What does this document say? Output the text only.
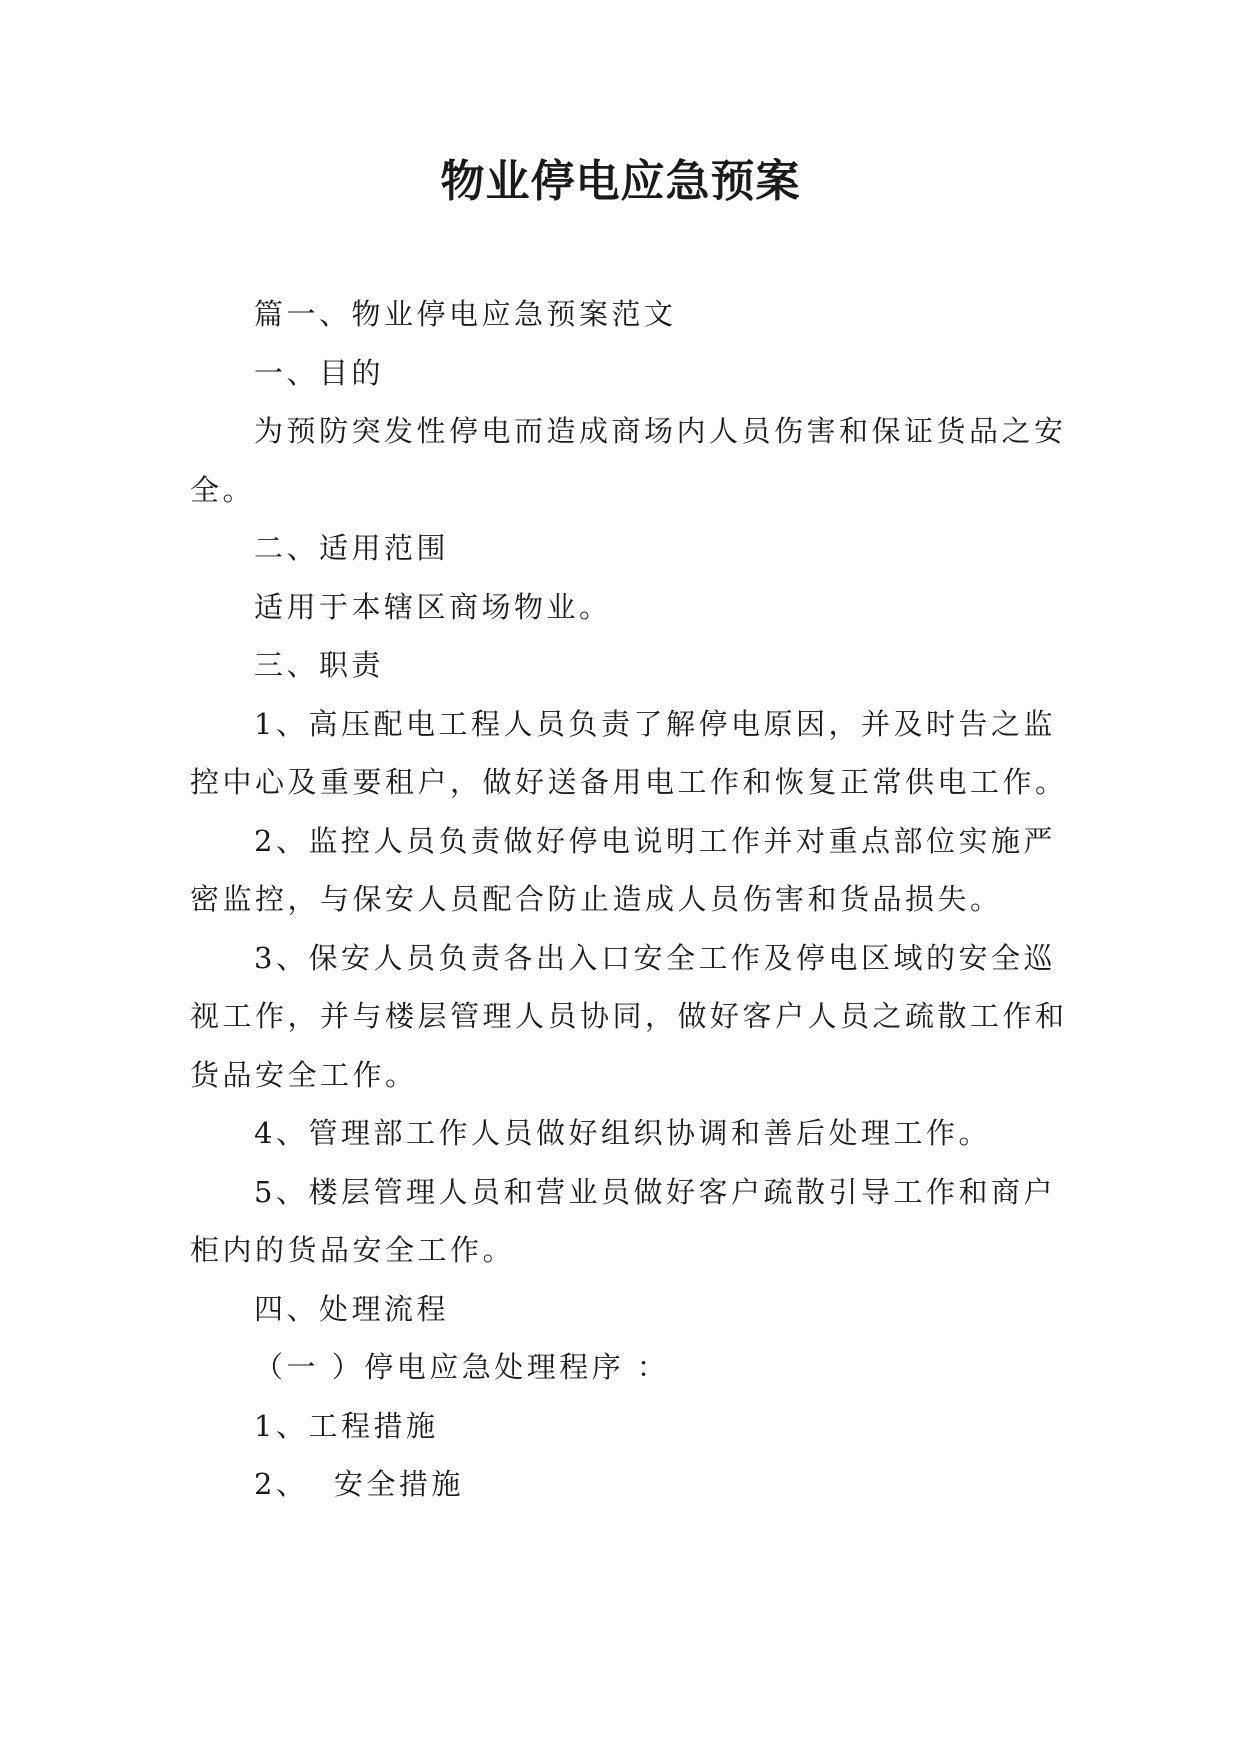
物业停电应急预案

篇一、物业停电应急预案范文

一、目的

为预防突发性停电而造成商场内人员伤害和保证货品之安全。

二、适用范围

适用于本辖区商场物业。

三、职责

1、高压配电工程人员负责了解停电原因，并及时告之监控中心及重要租户，做好送备用电工作和恢复正常供电工作。

2、监控人员负责做好停电说明工作并对重点部位实施严密监控，与保安人员配合防止造成人员伤害和货品损失。

3、保安人员负责各出入口安全工作及停电区域的安全巡视工作，并与楼层管理人员协同，做好客户人员之疏散工作和货品安全工作。

4、管理部工作人员做好组织协调和善后处理工作。

5、楼层管理人员和营业员做好客户疏散引导工作和商户柜内的货品安全工作。

四、处理流程

（一 ）停电应急处理程序 ：

1、工程措施

2、  安全措施
